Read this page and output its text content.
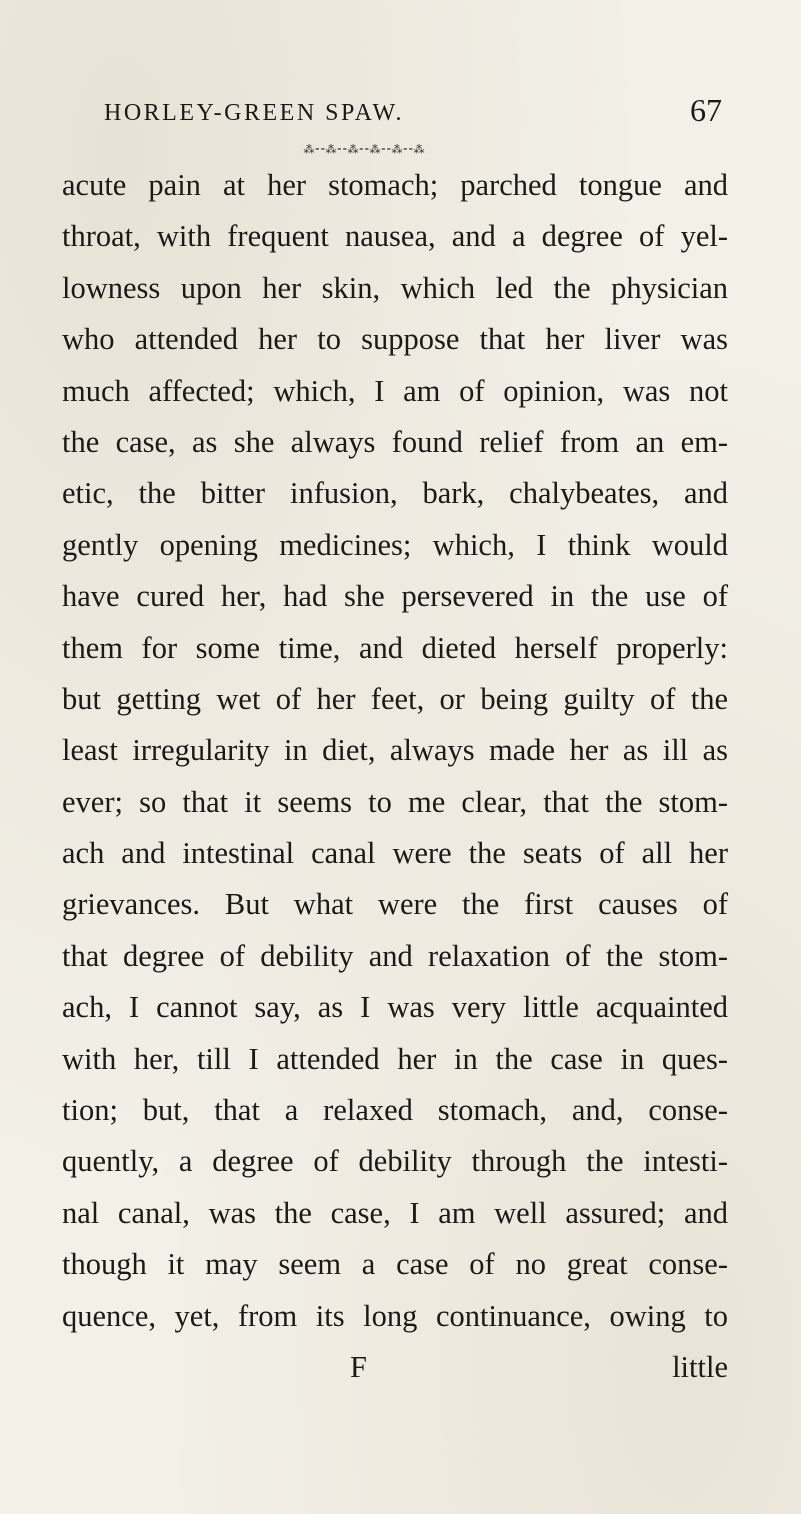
HORLEY-GREEN SPAW.	67
⁂⁃⁃⁂⁃⁃⁂⁃⁃⁂⁃⁃⁂⁃⁃⁂
acute pain at her stomach; parched tongue and
throat, with frequent nausea, and a degree of yel-
lowness upon her skin, which led the physician
who attended her to suppose that her liver was
much affected; which, I am of opinion, was not
the case, as she always found relief from an em-
etic, the bitter infusion, bark, chalybeates, and
gently opening medicines; which, I think would
have cured her, had she persevered in the use of
them for some time, and dieted herself properly:
but getting wet of her feet, or being guilty of the
least irregularity in diet, always made her as ill as
ever; so that it seems to me clear, that the stom-
ach and intestinal canal were the seats of all her
grievances. But what were the first causes of
that degree of debility and relaxation of the stom-
ach, I cannot say, as I was very little acquainted
with her, till I attended her in the case in ques-
tion; but, that a relaxed stomach, and, conse-
quently, a degree of debility through the intesti-
nal canal, was the case, I am well assured; and
though it may seem a case of no great conse-
quence, yet, from its long continuance, owing to
F	little
